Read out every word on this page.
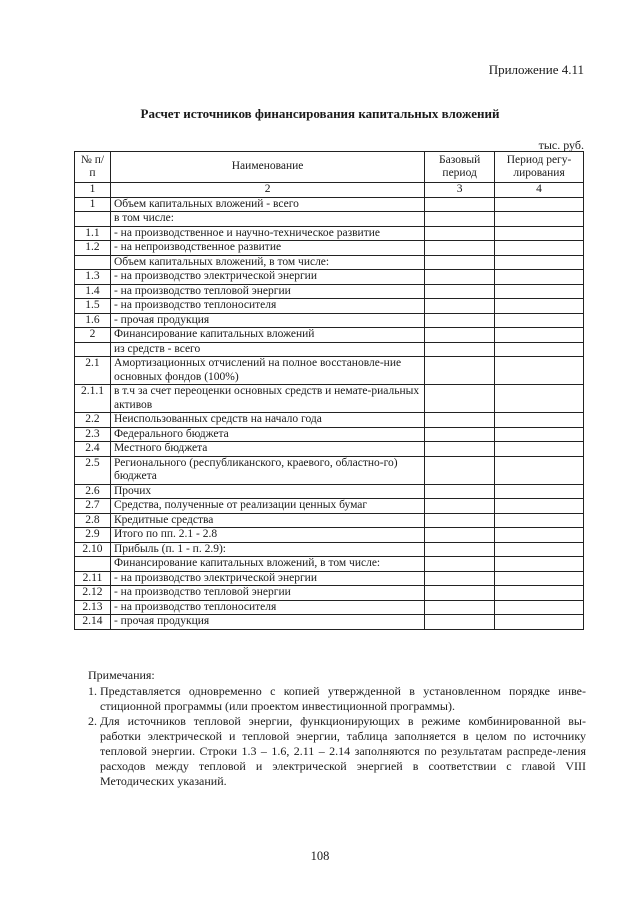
Приложение 4.11
Расчет источников финансирования капитальных вложений
тыс. руб.
№ п/п	Наименование	Базовый период	Период регу-лирования
1	2	3	4
1	Объем капитальных вложений - всего		
	в том числе:		
1.1	- на производственное и научно-техническое развитие		
1.2	- на непроизводственное развитие		
	Объем капитальных вложений, в том числе:		
1.3	- на производство электрической энергии		
1.4	- на производство тепловой энергии		
1.5	- на производство теплоносителя		
1.6	- прочая продукция		
2	Финансирование капитальных вложений		
	из средств - всего		
2.1	Амортизационных отчислений на полное восстановле-ние основных фондов (100%)		
2.1.1	в т.ч за счет переоценки основных средств и немате-риальных активов		
2.2	Неиспользованных средств на начало года		
2.3	Федерального бюджета		
2.4	Местного бюджета		
2.5	Регионального (республиканского, краевого, областно-го) бюджета		
2.6	Прочих		
2.7	Средства, полученные от реализации ценных бумаг		
2.8	Кредитные средства		
2.9	Итого по пп. 2.1 - 2.8		
2.10	Прибыль (п. 1 - п. 2.9):		
	Финансирование капитальных вложений, в том числе:		
2.11	- на производство электрической энергии		
2.12	- на производство тепловой энергии		
2.13	- на производство теплоносителя		
2.14	- прочая продукция		
Примечания:
1. Представляется одновременно с копией утвержденной в установленном порядке инве-стиционной программы (или проектом инвестиционной программы).
2. Для источников тепловой энергии, функционирующих в режиме комбинированной вы-работки электрической и тепловой энергии, таблица заполняется в целом по источнику тепловой энергии. Строки 1.3 – 1.6, 2.11 – 2.14 заполняются по результатам распреде-ления расходов между тепловой и электрической энергией в соответствии с главой VIII Методических указаний.
108
